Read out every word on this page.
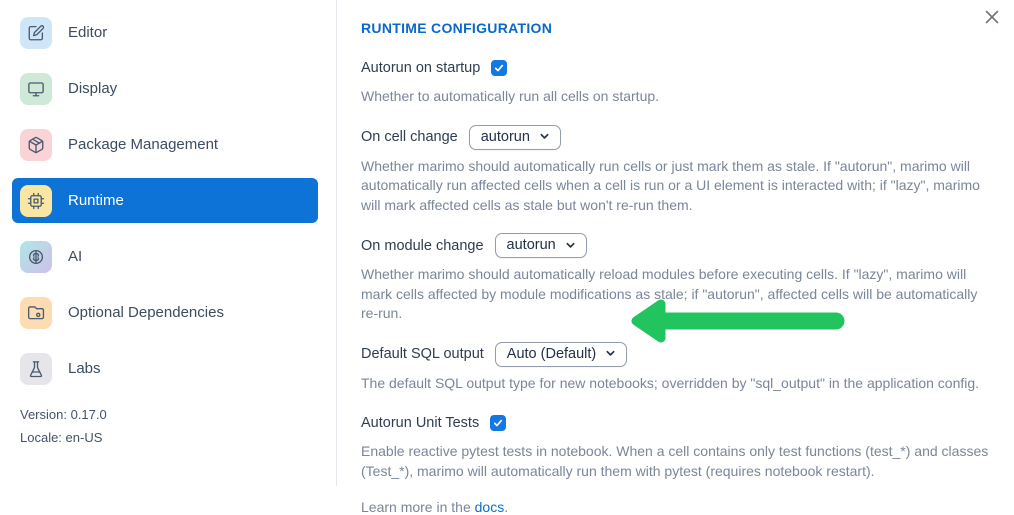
Editor
Display
Package Management
Runtime
AI
Optional Dependencies
Labs
Version: 0.17.0
Locale: en-US
RUNTIME CONFIGURATION
Autorun on startup

Whether to automatically run all cells on startup.

On cell change autorun

Whether marimo should automatically run cells or just mark them as stale. If "autorun", marimo will automatically run affected cells when a cell is run or a UI element is interacted with; if "lazy", marimo will mark affected cells as stale but won't re-run them.

On module change autorun

Whether marimo should automatically reload modules before executing cells. If "lazy", marimo will mark cells affected by module modifications as stale; if "autorun", affected cells will be automatically re-run.

Default SQL output Auto (Default)

The default SQL output type for new notebooks; overridden by "sql_output" in the application config.

Autorun Unit Tests

Enable reactive pytest tests in notebook. When a cell contains only test functions (test_*) and classes (Test_*), marimo will automatically run them with pytest (requires notebook restart).

Learn more in the docs.
